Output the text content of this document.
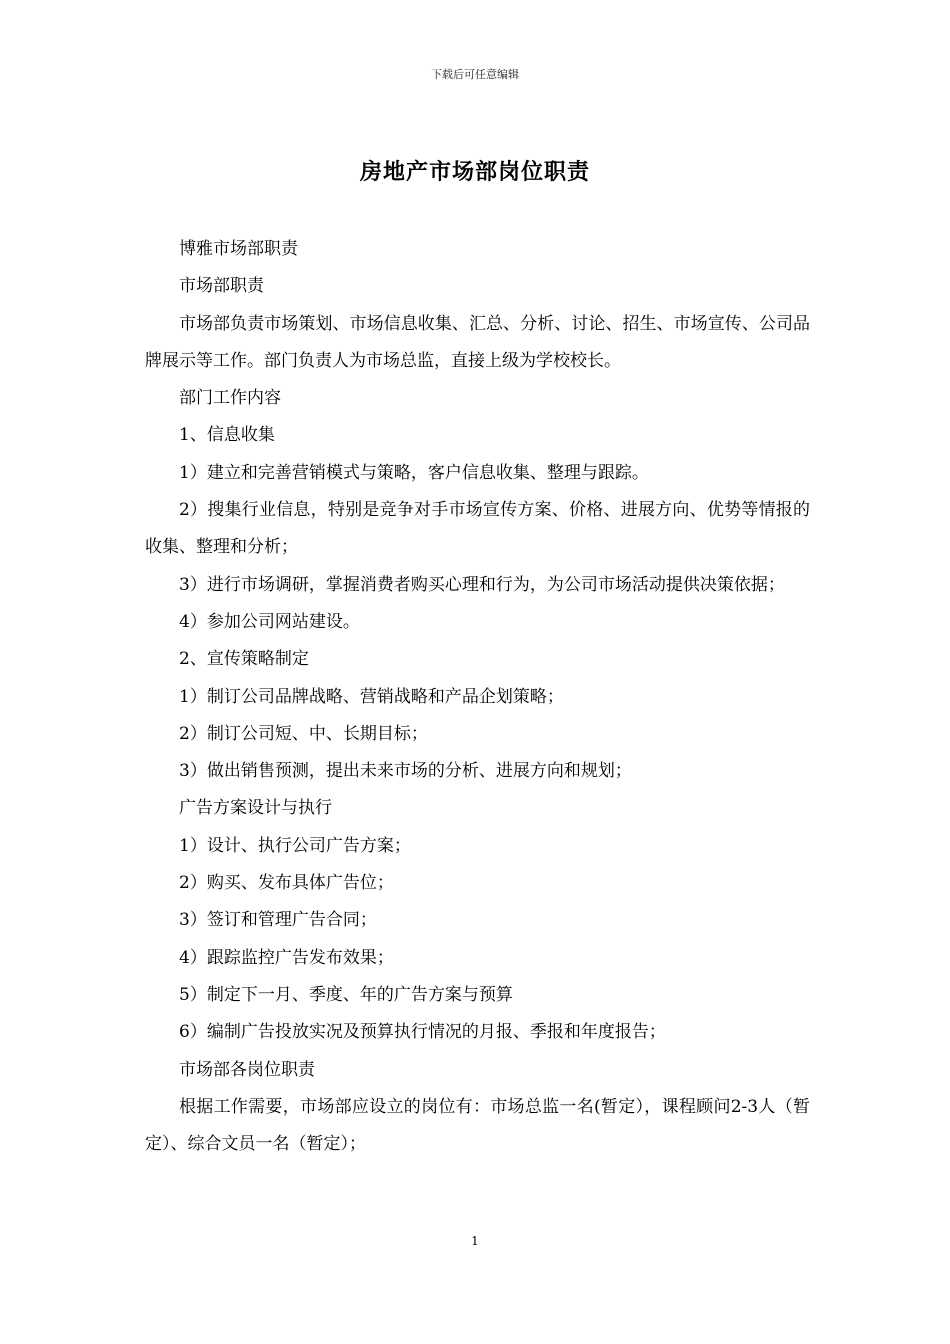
下载后可任意编辑
房地产市场部岗位职责

博雅市场部职责

市场部职责

市场部负责市场策划、市场信息收集、汇总、分析、讨论、招生、市场宣传、公司品牌展示等工作。部门负责人为市场总监，直接上级为学校校长。

部门工作内容

1、信息收集

1）建立和完善营销模式与策略，客户信息收集、整理与跟踪。

2）搜集行业信息，特别是竞争对手市场宣传方案、价格、进展方向、优势等情报的收集、整理和分析；

3）进行市场调研，掌握消费者购买心理和行为，为公司市场活动提供决策依据；

4）参加公司网站建设。

2、宣传策略制定

1）制订公司品牌战略、营销战略和产品企划策略；

2）制订公司短、中、长期目标；

3）做出销售预测，提出未来市场的分析、进展方向和规划；

广告方案设计与执行

1）设计、执行公司广告方案；

2）购买、发布具体广告位；

3）签订和管理广告合同；

4）跟踪监控广告发布效果；

5）制定下一月、季度、年的广告方案与预算

6）编制广告投放实况及预算执行情况的月报、季报和年度报告；

市场部各岗位职责

根据工作需要，市场部应设立的岗位有：市场总监一名(暂定），课程顾问2-3人（暂定）、综合文员一名（暂定）；

1
